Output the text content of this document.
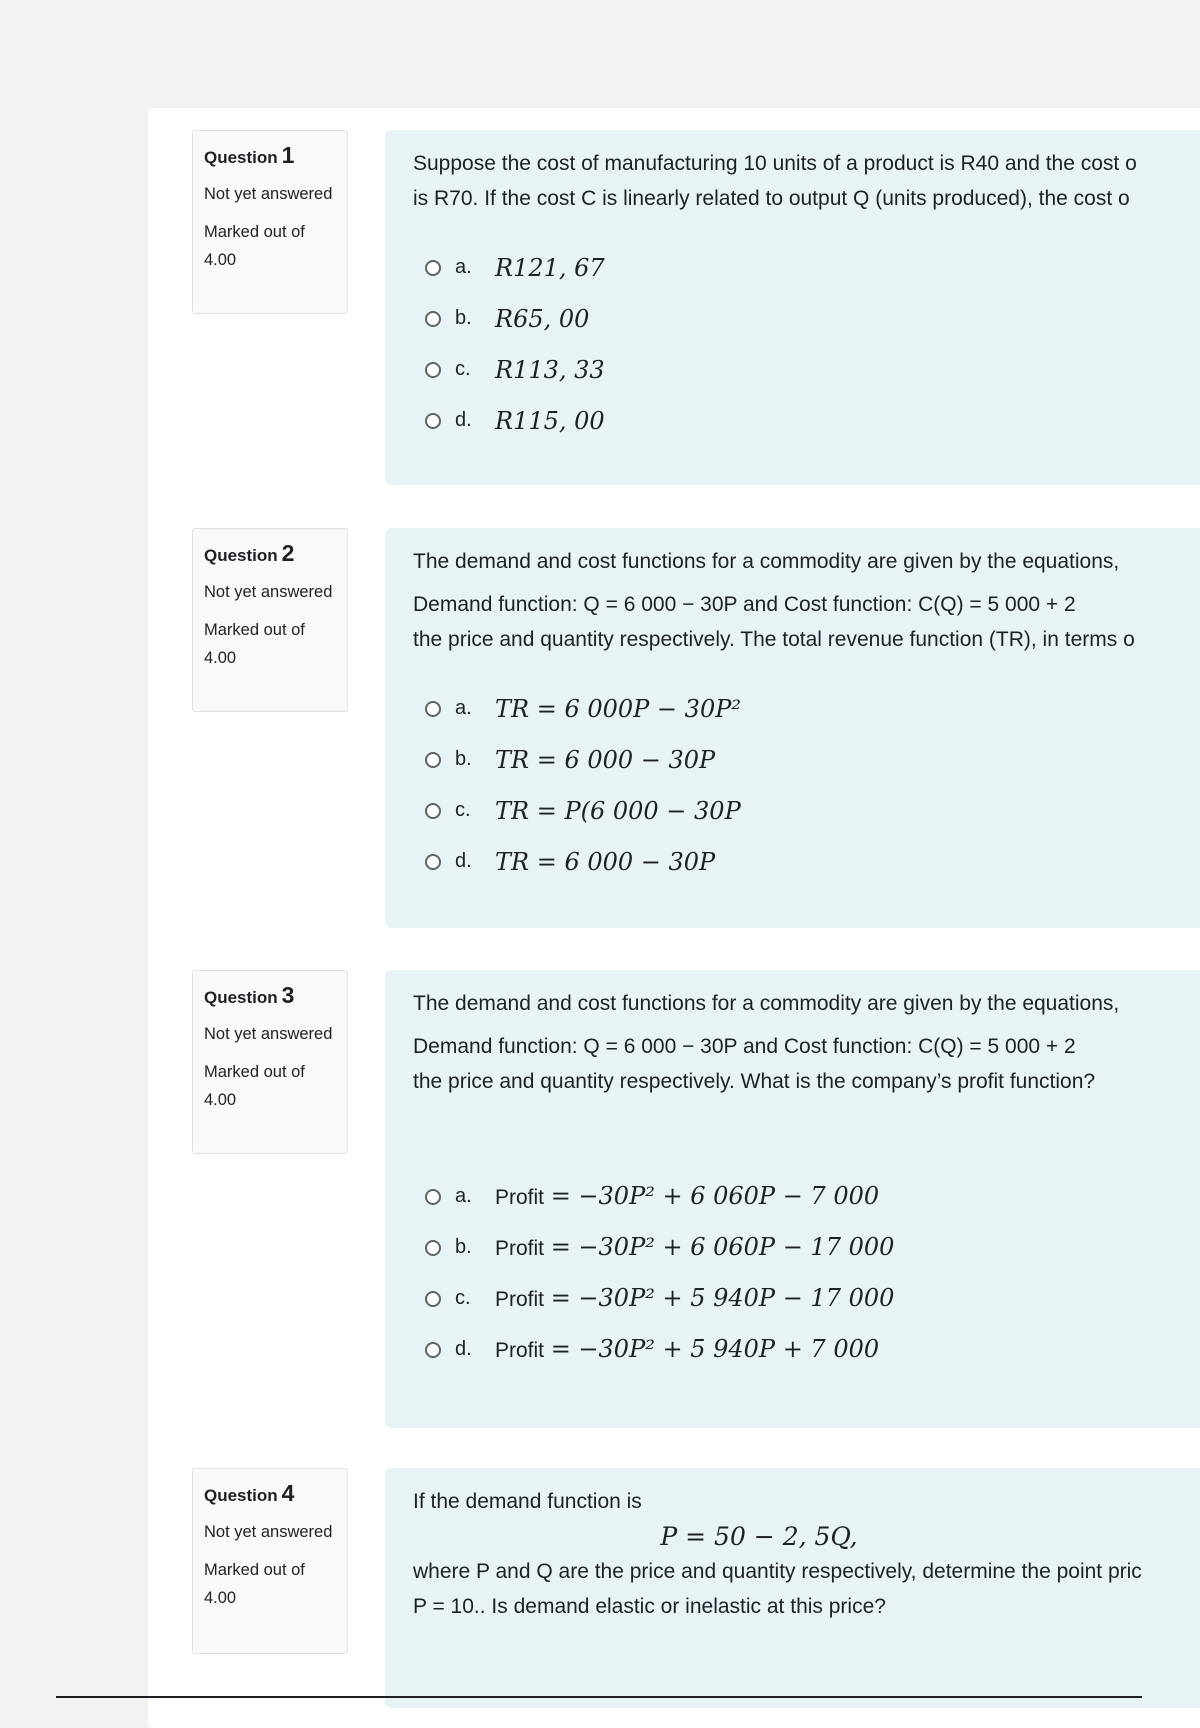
Question 1
Not yet answered
Marked out of 4.00

Suppose the cost of manufacturing 10 units of a product is R40 and the cost o

is R70. If the cost C is linearly related to output Q (units produced), the cost o

a. R121, 67
b. R65, 00
c.	R113, 33
d. R115, 00
Question 2
Not yet answered
Marked out of 4.00

The demand and cost functions for a commodity are given by the equations,

Demand function: Q = 6 000 − 30P and Cost function: C(Q) = 5 000 + 2

the price and quantity respectively. The total revenue function (TR), in terms o

a. TR = 6 000P − 30P²
b. TR = 6 000 − 30P
c.	TR = P(6 000 − 30P
d. TR = 6 000 − 30P
Question 3
Not yet answered
Marked out of 4.00

The demand and cost functions for a commodity are given by the equations,

Demand function: Q = 6 000 − 30P and Cost function: C(Q) = 5 000 + 2

the price and quantity respectively. What is the company’s profit function?

a.	Profit = −30P² + 6 060P − 7 000
b.	Profit = −30P² + 6 060P − 17 000
c.	Profit = −30P² + 5 940P − 17 000
d.	Profit = −30P² + 5 940P + 7 000
Question 4
Not yet answered
Marked out of 4.00

If the demand function is

P = 50 − 2, 5Q,

where P and Q are the price and quantity respectively, determine the point pric

P = 10.. Is demand elastic or inelastic at this price?
